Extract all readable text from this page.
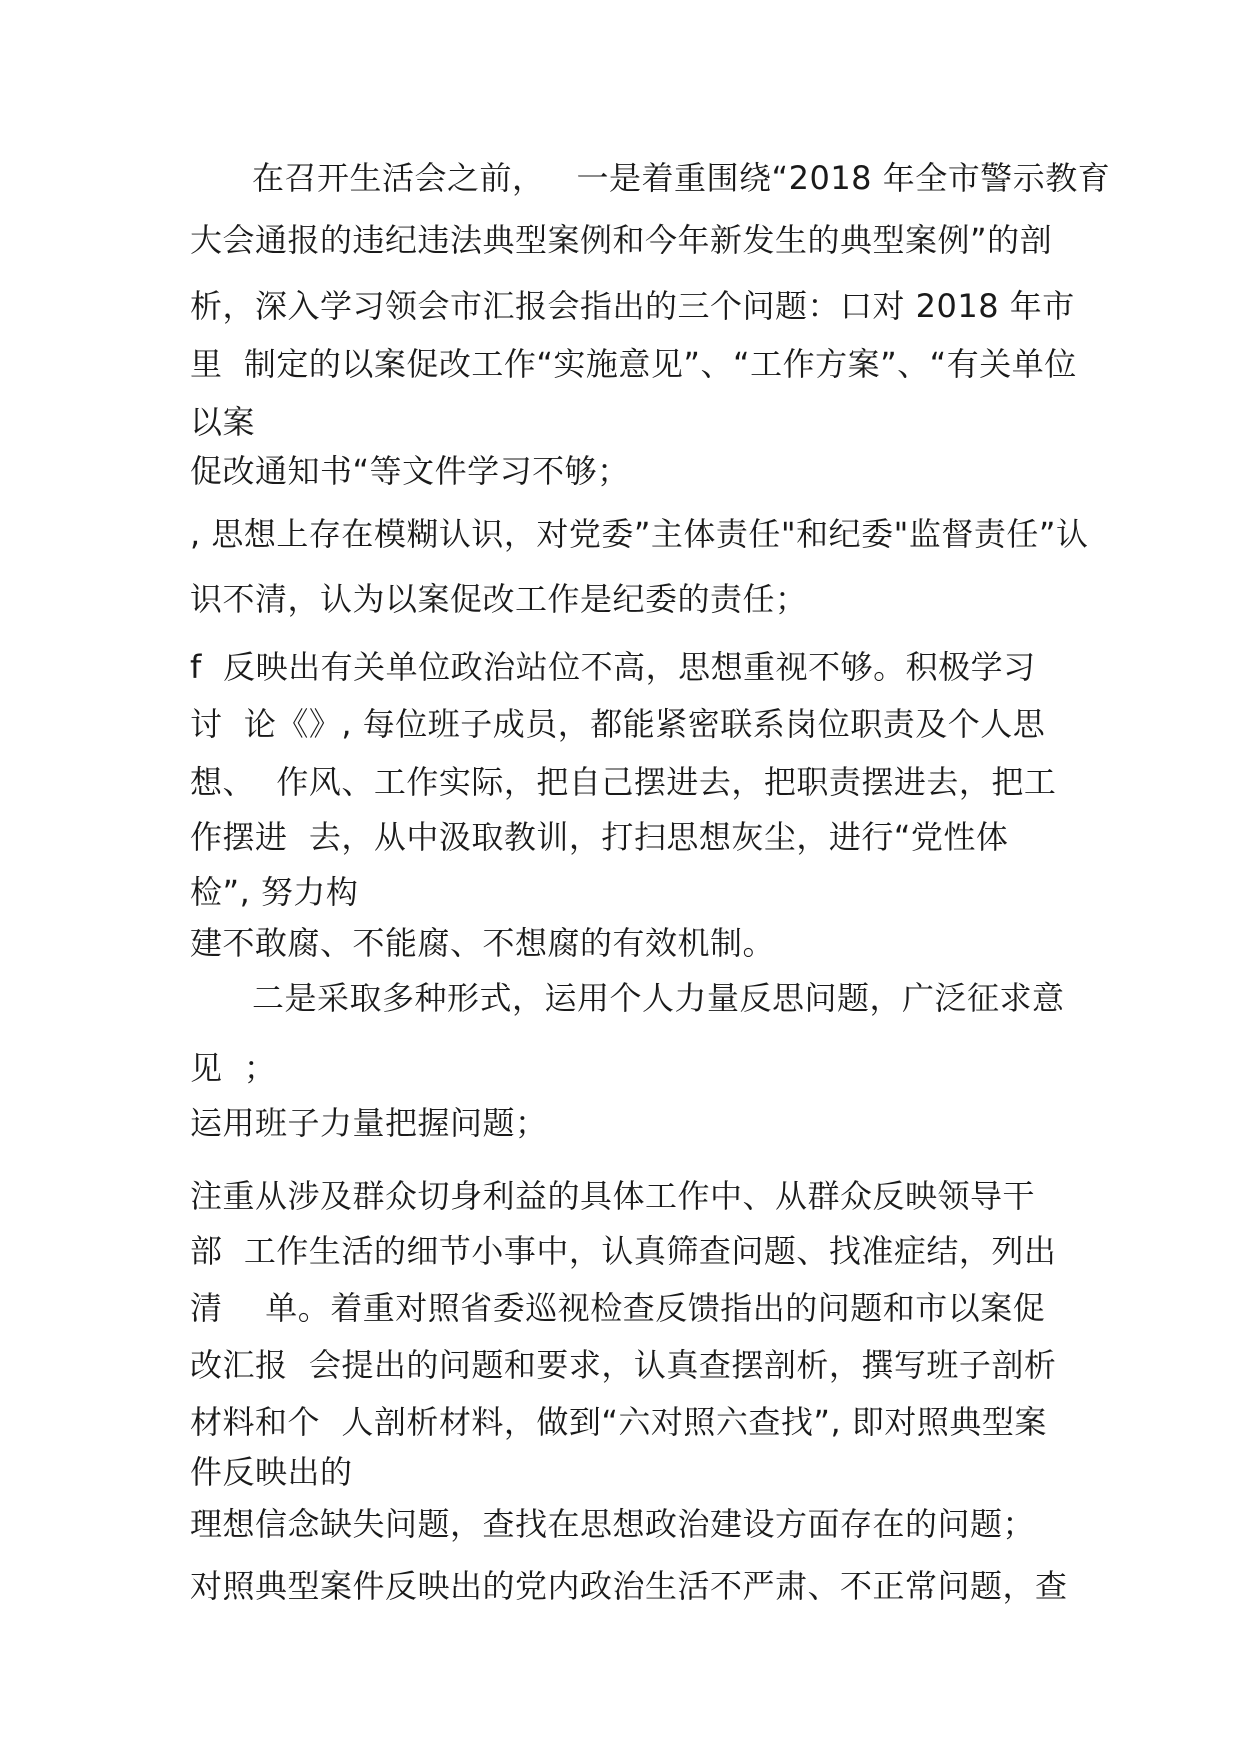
在召开生活会之前，   一是着重围绕“2018 年全市警示教育
大会通报的违纪违法典型案例和今年新发生的典型案例”的剖
析，深入学习领会市汇报会指出的三个问题：口对 2018 年市
里  制定的以案促改工作“实施意见”、“工作方案”、“有关单位
以案
促改通知书“等文件学习不够；
, 思想上存在模糊认识，对党委”主体责任"和纪委"监督责任”认
识不清，认为以案促改工作是纪委的责任；
f  反映出有关单位政治站位不高，思想重视不够。积极学习
讨  论《》, 每位班子成员，都能紧密联系岗位职责及个人思
想、  作风、工作实际，把自己摆进去，把职责摆进去，把工
作摆进  去，从中汲取教训，打扫思想灰尘，进行“党性体
检”, 努力构
建不敢腐、不能腐、不想腐的有效机制。
二是采取多种形式，运用个人力量反思问题，广泛征求意
见  ；
运用班子力量把握问题；
注重从涉及群众切身利益的具体工作中、从群众反映领导干
部  工作生活的细节小事中，认真筛查问题、找准症结，列出
清    单。着重对照省委巡视检查反馈指出的问题和市以案促
改汇报  会提出的问题和要求，认真查摆剖析，撰写班子剖析
材料和个  人剖析材料，做到“六对照六查找”, 即对照典型案
件反映出的
理想信念缺失问题，查找在思想政治建设方面存在的问题；
对照典型案件反映出的党内政治生活不严肃、不正常问题，查
